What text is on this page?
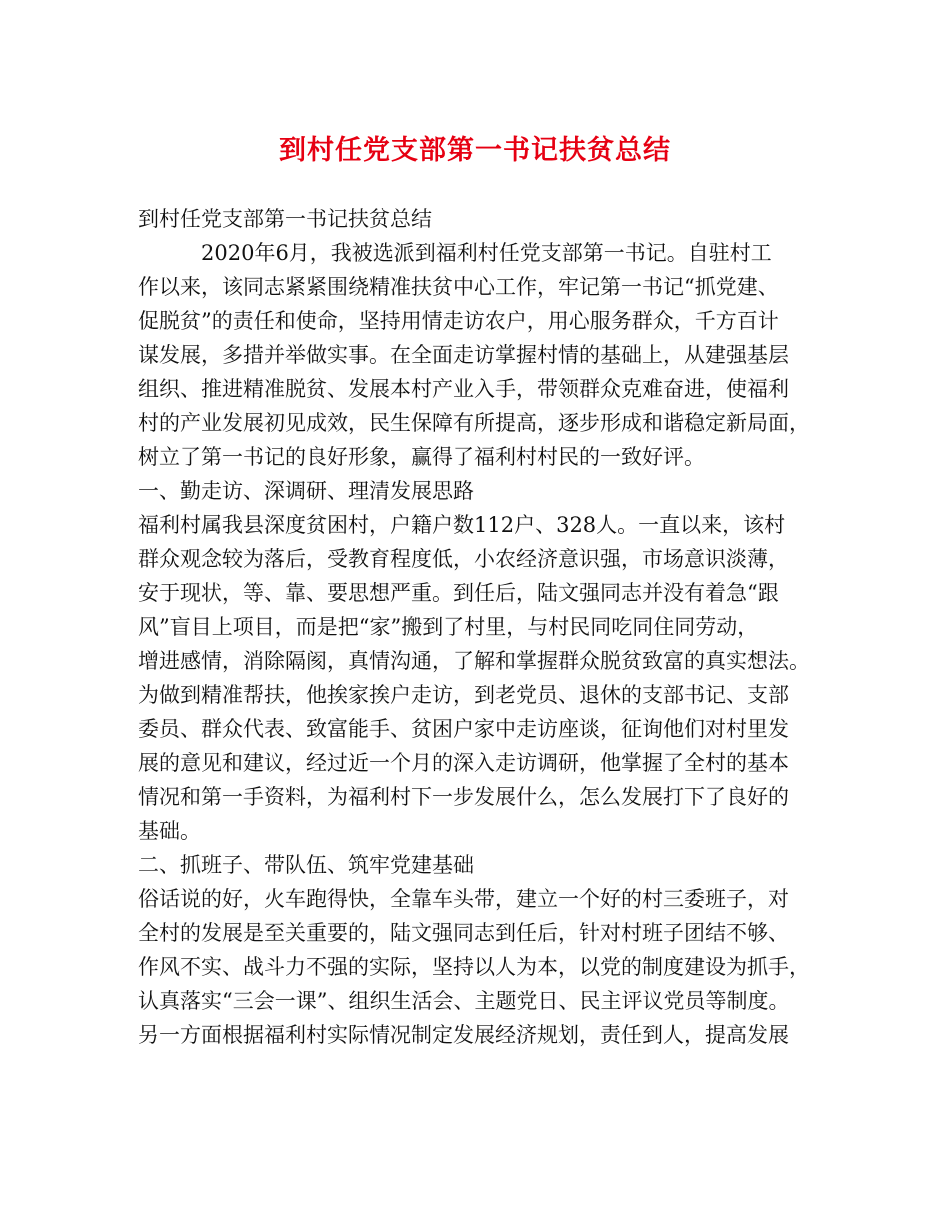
到村任党支部第一书记扶贫总结
到村任党支部第一书记扶贫总结
2020年6月，我被选派到福利村任党支部第一书记。自驻村工
作以来，该同志紧紧围绕精准扶贫中心工作，牢记第一书记“抓党建、
促脱贫”的责任和使命，坚持用情走访农户，用心服务群众，千方百计
谋发展，多措并举做实事。在全面走访掌握村情的基础上，从建强基层
组织、推进精准脱贫、发展本村产业入手，带领群众克难奋进，使福利
村的产业发展初见成效，民生保障有所提高，逐步形成和谐稳定新局面，
树立了第一书记的良好形象，赢得了福利村村民的一致好评。
一、勤走访、深调研、理清发展思路
福利村属我县深度贫困村，户籍户数112户、328人。一直以来，该村
群众观念较为落后，受教育程度低，小农经济意识强，市场意识淡薄，
安于现状，等、靠、要思想严重。到任后，陆文强同志并没有着急“跟
风”盲目上项目，而是把“家”搬到了村里，与村民同吃同住同劳动，
增进感情，消除隔阂，真情沟通，了解和掌握群众脱贫致富的真实想法。
为做到精准帮扶，他挨家挨户走访，到老党员、退休的支部书记、支部
委员、群众代表、致富能手、贫困户家中走访座谈，征询他们对村里发
展的意见和建议，经过近一个月的深入走访调研，他掌握了全村的基本
情况和第一手资料，为福利村下一步发展什么，怎么发展打下了良好的
基础。
二、抓班子、带队伍、筑牢党建基础
俗话说的好，火车跑得快，全靠车头带，建立一个好的村三委班子，对
全村的发展是至关重要的，陆文强同志到任后，针对村班子团结不够、
作风不实、战斗力不强的实际，坚持以人为本，以党的制度建设为抓手，
认真落实“三会一课”、组织生活会、主题党日、民主评议党员等制度。
另一方面根据福利村实际情况制定发展经济规划，责任到人，提高发展
